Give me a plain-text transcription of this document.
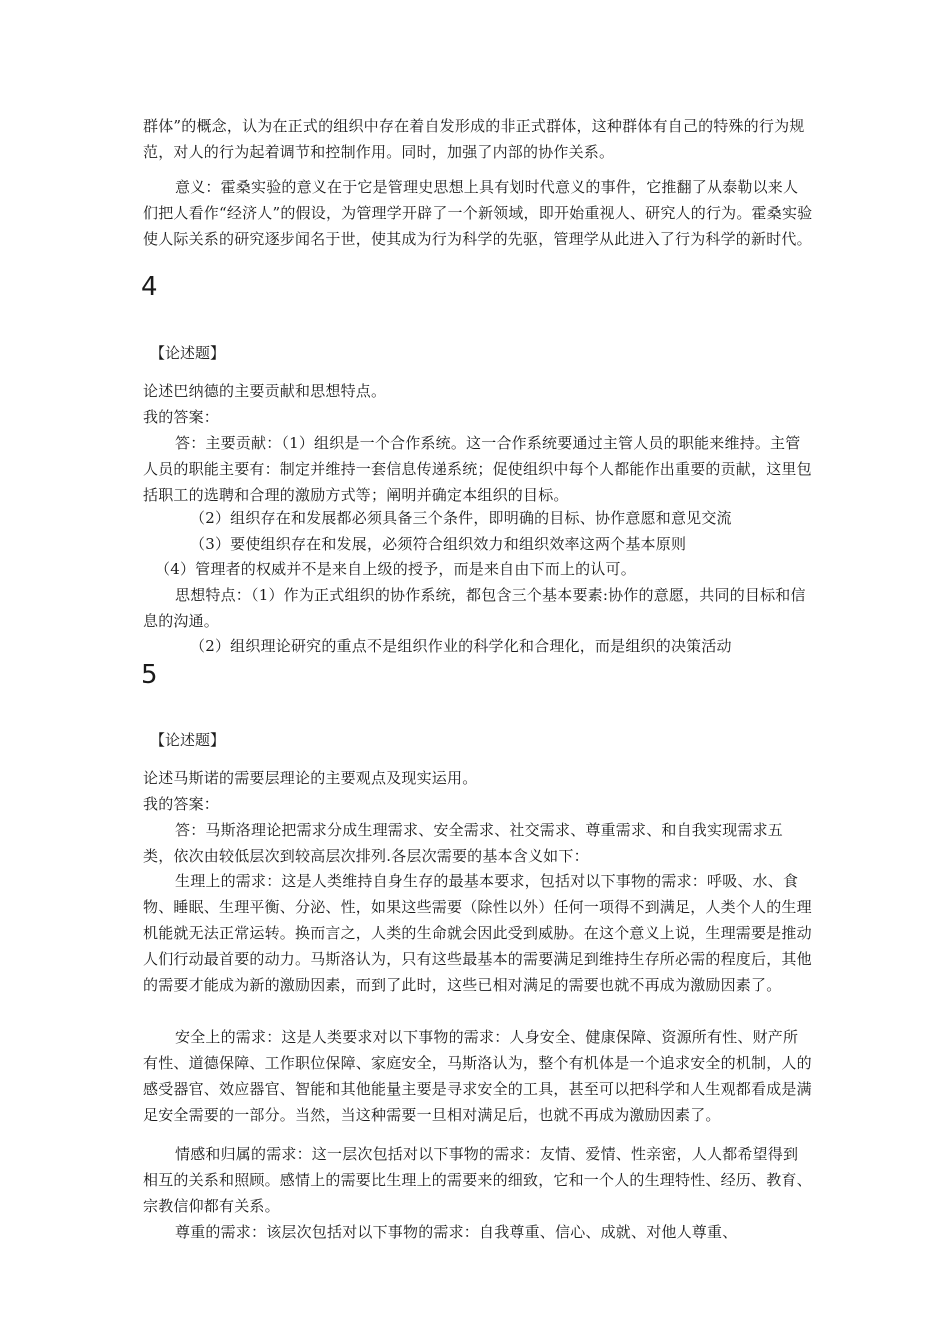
群体”的概念，认为在正式的组织中存在着自发形成的非正式群体，这种群体有自己的特殊的行为规范，对人的行为起着调节和控制作用。同时，加强了内部的协作关系。

意义：霍桑实验的意义在于它是管理史思想上具有划时代意义的事件，它推翻了从泰勒以来人们把人看作“经济人”的假设，为管理学开辟了一个新领域，即开始重视人、研究人的行为。霍桑实验使人际关系的研究逐步闻名于世，使其成为行为科学的先驱，管理学从此进入了行为科学的新时代。

4
【论述题】

论述巴纳德的主要贡献和思想特点。

我的答案：

答：主要贡献：（1）组织是一个合作系统。这一合作系统要通过主管人员的职能来维持。主管人员的职能主要有：制定并维持一套信息传递系统；促使组织中每个人都能作出重要的贡献，这里包括职工的选聘和合理的激励方式等；阐明并确定本组织的目标。

（2）组织存在和发展都必须具备三个条件，即明确的目标、协作意愿和意见交流

（3）要使组织存在和发展，必须符合组织效力和组织效率这两个基本原则

（4）管理者的权威并不是来自上级的授予，而是来自由下而上的认可。

思想特点：（1）作为正式组织的协作系统，都包含三个基本要素:协作的意愿，共同的目标和信息的沟通。

（2）组织理论研究的重点不是组织作业的科学化和合理化，而是组织的决策活动

5
【论述题】

论述马斯诺的需要层理论的主要观点及现实运用。

我的答案：

答：马斯洛理论把需求分成生理需求、安全需求、社交需求、尊重需求、和自我实现需求五类，依次由较低层次到较高层次排列.各层次需要的基本含义如下：

生理上的需求：这是人类维持自身生存的最基本要求，包括对以下事物的需求：呼吸、水、食物、睡眠、生理平衡、分泌、性，如果这些需要（除性以外）任何一项得不到满足，人类个人的生理机能就无法正常运转。换而言之，人类的生命就会因此受到威胁。在这个意义上说，生理需要是推动人们行动最首要的动力。马斯洛认为，只有这些最基本的需要满足到维持生存所必需的程度后，其他的需要才能成为新的激励因素，而到了此时，这些已相对满足的需要也就不再成为激励因素了。

安全上的需求：这是人类要求对以下事物的需求：人身安全、健康保障、资源所有性、财产所有性、道德保障、工作职位保障、家庭安全，马斯洛认为，整个有机体是一个追求安全的机制，人的感受器官、效应器官、智能和其他能量主要是寻求安全的工具，甚至可以把科学和人生观都看成是满足安全需要的一部分。当然，当这种需要一旦相对满足后，也就不再成为激励因素了。

情感和归属的需求：这一层次包括对以下事物的需求：友情、爱情、性亲密，人人都希望得到相互的关系和照顾。感情上的需要比生理上的需要来的细致，它和一个人的生理特性、经历、教育、宗教信仰都有关系。

尊重的需求：该层次包括对以下事物的需求：自我尊重、信心、成就、对他人尊重、
